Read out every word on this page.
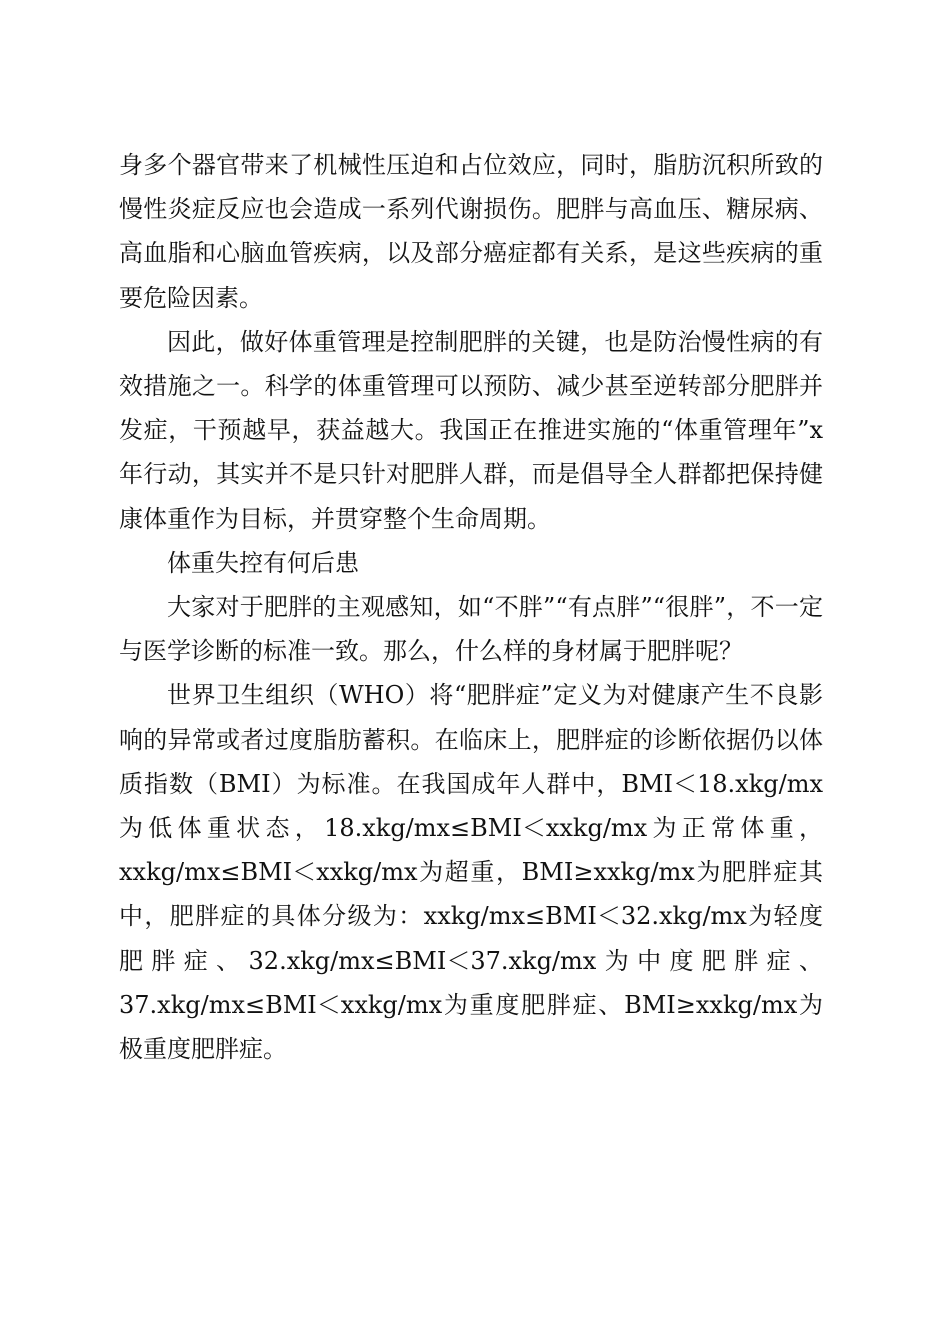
身多个器官带来了机械性压迫和占位效应，同时，脂肪沉积所致的慢性炎症反应也会造成一系列代谢损伤。肥胖与高血压、糖尿病、高血脂和心脑血管疾病，以及部分癌症都有关系，是这些疾病的重要危险因素。

因此，做好体重管理是控制肥胖的关键，也是防治慢性病的有效措施之一。科学的体重管理可以预防、减少甚至逆转部分肥胖并发症，干预越早，获益越大。我国正在推进实施的“体重管理年”x年行动，其实并不是只针对肥胖人群，而是倡导全人群都把保持健康体重作为目标，并贯穿整个生命周期。

体重失控有何后患

大家对于肥胖的主观感知，如“不胖”“有点胖”“很胖”，不一定与医学诊断的标准一致。那么，什么样的身材属于肥胖呢？

世界卫生组织（WHO）将“肥胖症”定义为对健康产生不良影响的异常或者过度脂肪蓄积。在临床上，肥胖症的诊断依据仍以体质指数（BMI）为标准。在我国成年人群中，BMI＜18.xkg/mx为低体重状态，18.xkg/mx≤BMI＜xxkg/mx为正常体重，xxkg/mx≤BMI＜xxkg/mx为超重，BMI≥xxkg/mx为肥胖症其中，肥胖症的具体分级为：xxkg/mx≤BMI＜32.xkg/mx为轻度肥胖症、32.xkg/mx≤BMI＜37.xkg/mx为中度肥胖症、37.xkg/mx≤BMI＜xxkg/mx为重度肥胖症、BMI≥xxkg/mx为极重度肥胖症。
